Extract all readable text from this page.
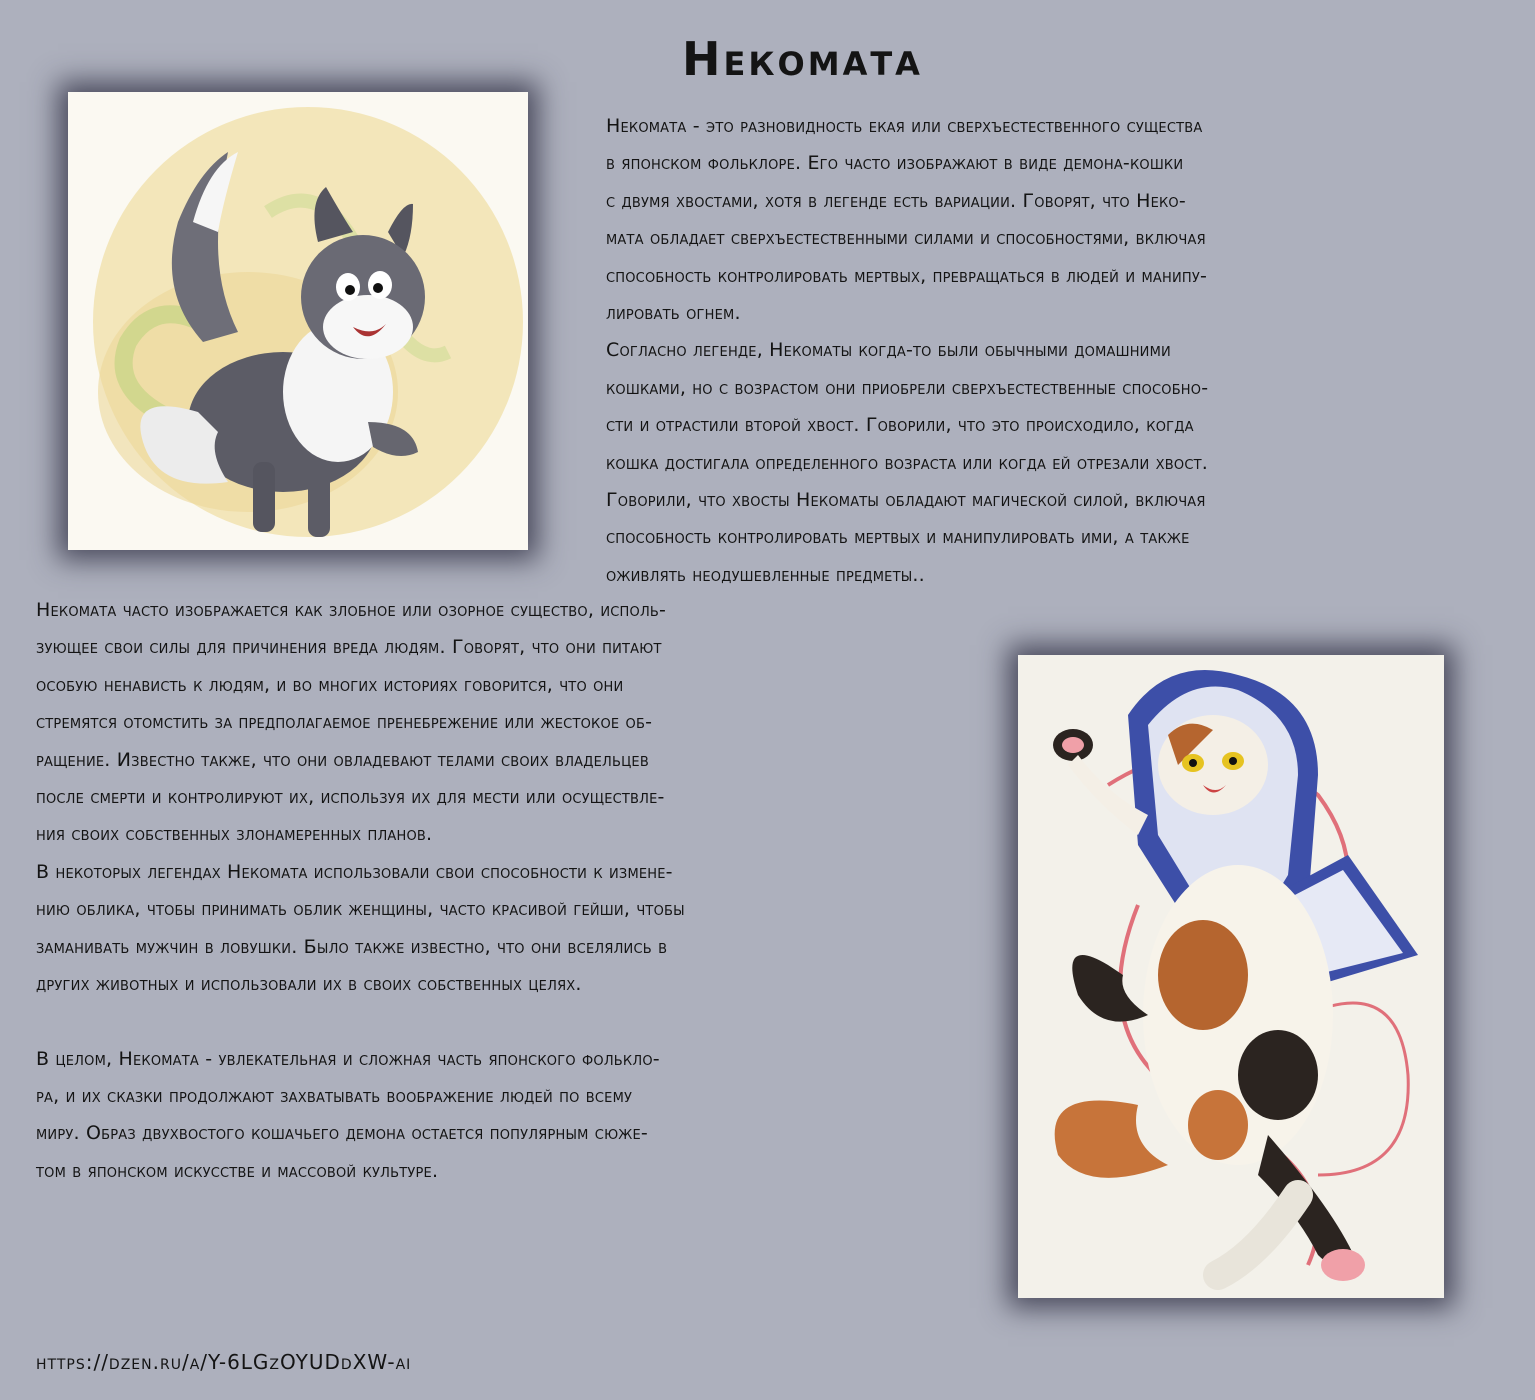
Некомата
Некомата - это разновидность екая или сверхъестественного существа
в японском фольклоре. Его часто изображают в виде демона-кошки
с двумя хвостами, хотя в легенде есть вариации. Говорят, что Неко-
мата обладает сверхъестественными силами и способностями, включая
способность контролировать мертвых, превращаться в людей и манипу-
лировать огнем.
Согласно легенде, Некоматы когда-то были обычными домашними
кошками, но с возрастом они приобрели сверхъестественные способно-
сти и отрастили второй хвост. Говорили, что это происходило, когда
кошка достигала определенного возраста или когда ей отрезали хвост.
Говорили, что хвосты Некоматы обладают магической силой, включая
способность контролировать мертвых и манипулировать ими, а также
оживлять неодушевленные предметы..
Некомата часто изображается как злобное или озорное существо, исполь-
зующее свои силы для причинения вреда людям. Говорят, что они питают
особую ненависть к людям, и во многих историях говорится, что они
стремятся отомстить за предполагаемое пренебрежение или жестокое об-
ращение. Известно также, что они овладевают телами своих владельцев
после смерти и контролируют их, используя их для мести или осуществле-
ния своих собственных злонамеренных планов.
В некоторых легендах Некомата использовали свои способности к измене-
нию облика, чтобы принимать облик женщины, часто красивой гейши, чтобы
заманивать мужчин в ловушки. Было также известно, что они вселялись в
других животных и использовали их в своих собственных целях.
В целом, Некомата - увлекательная и сложная часть японского фолькло-
ра, и их сказки продолжают захватывать воображение людей по всему
миру. Образ двухвостого кошачьего демона остается популярным сюже-
том в японском искусстве и массовой культуре.
https://dzen.ru/a/Y-6LGzOYUDdXW-ai
